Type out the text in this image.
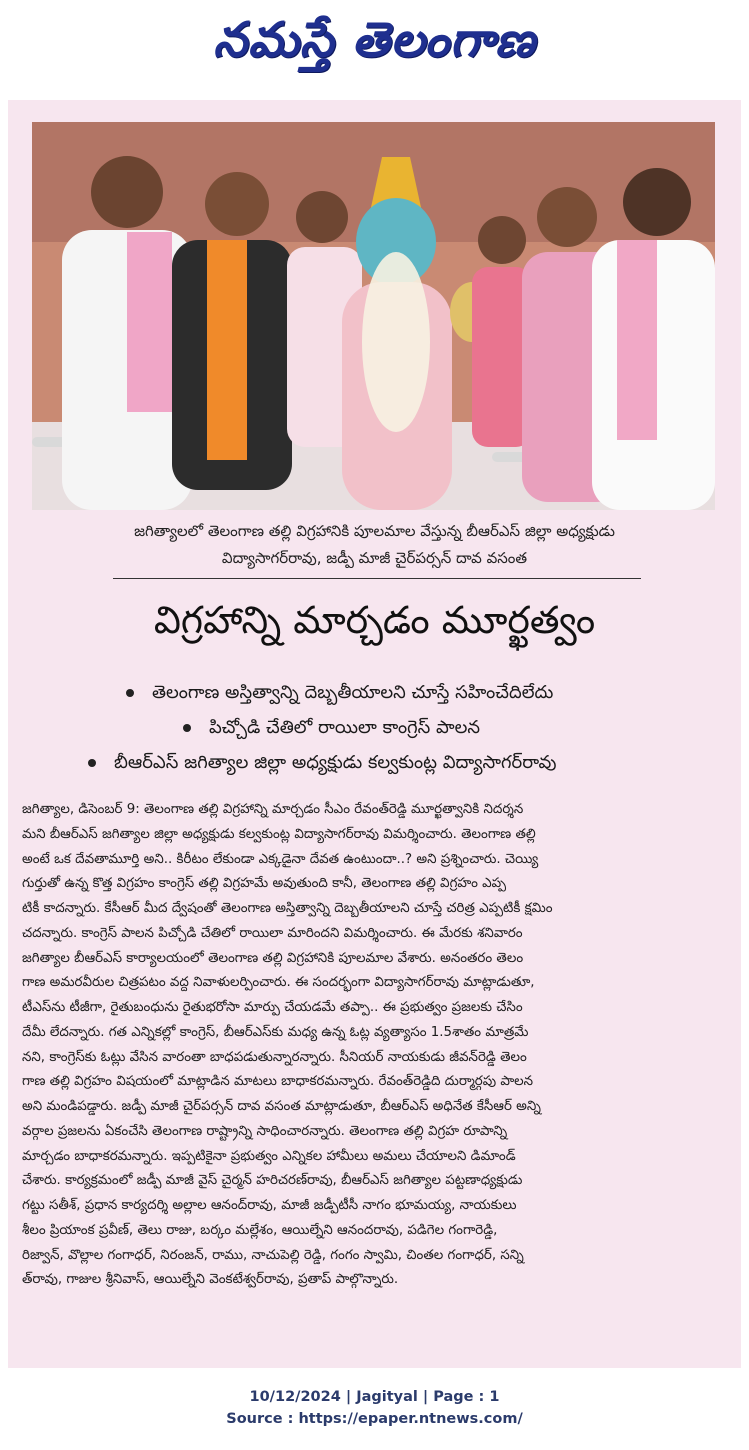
నమస్తే తెలంగాణ
జగిత్యాలలో తెలంగాణ తల్లి విగ్రహానికి పూలమాల వేస్తున్న బీఆర్ఎస్ జిల్లా అధ్యక్షుడు
విద్యాసాగర్‌రావు, జడ్పీ మాజీ చైర్‌పర్సన్ దావ వసంత
విగ్రహాన్ని మార్చడం మూర్ఖత్వం
తెలంగాణ అస్తిత్వాన్ని దెబ్బతీయాలని చూస్తే సహించేదిలేదు
పిచ్చోడి చేతిలో రాయిలా కాంగ్రెస్ పాలన
బీఆర్ఎస్ జగిత్యాల జిల్లా అధ్యక్షుడు కల్వకుంట్ల విద్యాసాగర్‌రావు
జగిత్యాల, డిసెంబర్ 9: తెలంగాణ తల్లి విగ్రహాన్ని మార్చడం సీఎం రేవంత్‌రెడ్డి మూర్ఖత్వానికి నిదర్శన
మని బీఆర్ఎస్ జగిత్యాల జిల్లా అధ్యక్షుడు కల్వకుంట్ల విద్యాసాగర్‌రావు విమర్శించారు. తెలంగాణ తల్లి
అంటే ఒక దేవతామూర్తి అని.. కిరీటం లేకుండా ఎక్కడైనా దేవత ఉంటుందా..? అని ప్రశ్నించారు. చెయ్యి
గుర్తుతో ఉన్న కొత్త విగ్రహం కాంగ్రెస్ తల్లి విగ్రహమే అవుతుంది కానీ, తెలంగాణ తల్లి విగ్రహం ఎప్ప
టికీ కాదన్నారు. కేసీఆర్ మీద ద్వేషంతో తెలంగాణ అస్తిత్వాన్ని దెబ్బతీయాలని చూస్తే చరిత్ర ఎప్పటికీ క్షమిం
చదన్నారు. కాంగ్రెస్ పాలన పిచ్చోడి చేతిలో రాయిలా మారిందని విమర్శించారు. ఈ మేరకు శనివారం
జగిత్యాల బీఆర్ఎస్ కార్యాలయంలో తెలంగాణ తల్లి విగ్రహానికి పూలమాల వేశారు. అనంతరం తెలం
గాణ అమరవీరుల చిత్రపటం వద్ద నివాళులర్పించారు. ఈ సందర్భంగా విద్యాసాగర్‌రావు మాట్లాడుతూ,
టీఎస్‌ను టీజీగా, రైతుబంధును రైతుభరోసా మార్పు చేయడమే తప్పా.. ఈ ప్రభుత్వం ప్రజలకు చేసిం
దేమీ లేదన్నారు. గత ఎన్నికల్లో కాంగ్రెస్, బీఆర్ఎస్‌కు మధ్య ఉన్న ఓట్ల వ్యత్యాసం 1.5శాతం మాత్రమే
నని, కాంగ్రెస్‌కు ఓట్లు వేసిన వారంతా బాధపడుతున్నారన్నారు. సీనియర్ నాయకుడు జీవన్‌రెడ్డి తెలం
గాణ తల్లి విగ్రహం విషయంలో మాట్లాడిన మాటలు బాధాకరమన్నారు. రేవంత్‌రెడ్డిది దుర్మార్గపు పాలన
అని మండిపడ్డారు. జడ్పీ మాజీ చైర్‌పర్సన్ దావ వసంత మాట్లాడుతూ, బీఆర్ఎస్ అధినేత కేసీఆర్ అన్ని
వర్గాల ప్రజలను ఏకంచేసి తెలంగాణ రాష్ట్రాన్ని సాధించారన్నారు. తెలంగాణ తల్లి విగ్రహ రూపాన్ని
మార్చడం బాధాకరమన్నారు. ఇప్పటికైనా ప్రభుత్వం ఎన్నికల హామీలు అమలు చేయాలని డిమాండ్
చేశారు. కార్యక్రమంలో జడ్పీ మాజీ వైస్ చైర్మన్ హరిచరణ్‌రావు, బీఆర్ఎస్ జగిత్యాల పట్టణాధ్యక్షుడు
గట్టు సతీశ్, ప్రధాన కార్యదర్శి అల్లాల ఆనంద్‌రావు, మాజీ జడ్పీటీసీ నాగం భూమయ్య, నాయకులు
శీలం ప్రియాంక ప్రవీణ్, తెలు రాజు, బర్కం మల్లేశం, ఆయిల్నేని ఆనందరావు, పడిగెల గంగారెడ్డి,
రిజ్వాన్, వొల్లాల గంగాధర్, నిరంజన్, రాము, నాచుపెల్లి రెడ్డి, గంగం స్వామి, చింతల గంగాధర్, సన్ని
త్‌రావు, గాజుల శ్రీనివాస్, ఆయిల్నేని వెంకటేశ్వర్‌రావు, ప్రతాప్ పాల్గొన్నారు.
10/12/2024 | Jagityal | Page : 1
Source : https://epaper.ntnews.com/
